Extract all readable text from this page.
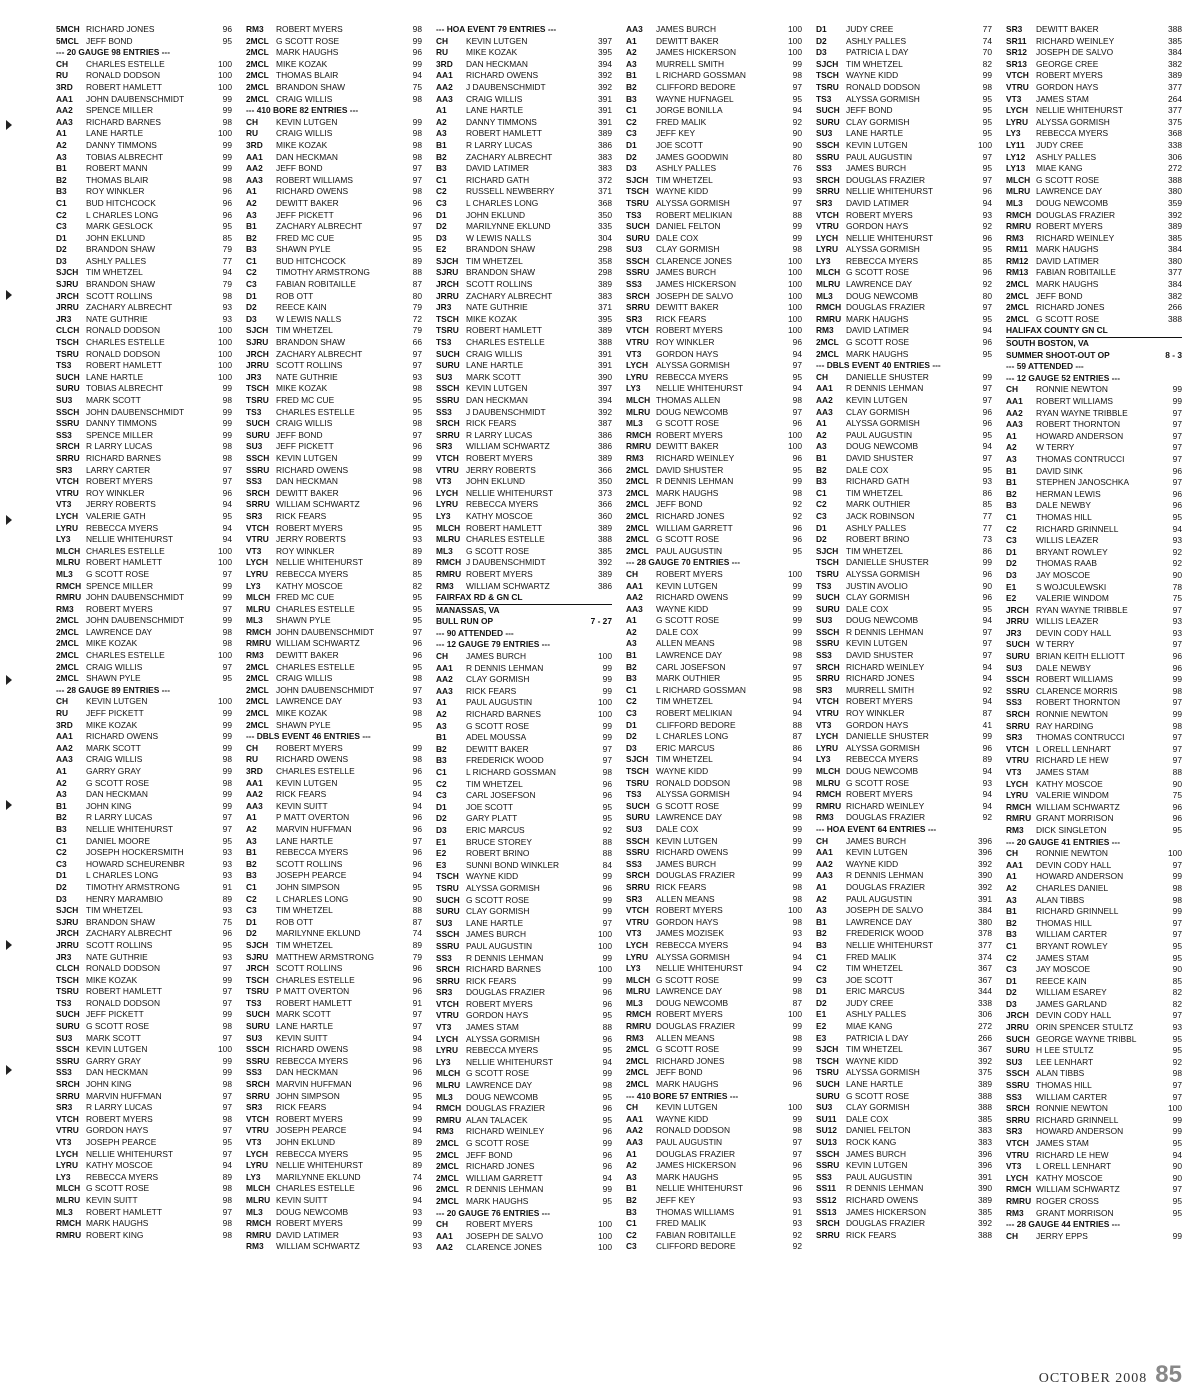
5MCH RICHARD JONES	96
5MCL JEFF BOND	95
--- 20 GAUGE 98 ENTRIES ---
CH	CHARLES ESTELLE	100
RU	RONALD DODSON	100
3RD	ROBERT HAMLETT	100
AA1	JOHN DAUBENSCHMIDT	99
AA2	SPENCE MILLER	99
AA3	RICHARD BARNES	98
A1	LANE HARTLE	100
A2	DANNY TIMMONS	99
A3	TOBIAS ALBRECHT	99
B1	ROBERT MANN	99
B2	THOMAS BLAIR	98
B3	ROY WINKLER	96
C1	BUD HITCHCOCK	96
C2	L CHARLES LONG	96
C3	MARK GESLOCK	95
D1	JOHN EKLUND	85
D2	BRANDON SHAW	79
D3	ASHLY PALLES	77
SJCH TIM WHETZEL	94
SJRU BRANDON SHAW	79
JRCH SCOTT ROLLINS	98
JRRU ZACHARY ALBRECHT	93
JR3	NATE GUTHRIE	93
CLCH RONALD DODSON	100
TSCH CHARLES ESTELLE	100
TSRU RONALD DODSON	100
TS3	ROBERT HAMLETT	100
SUCH LANE HARTLE	100
SURU TOBIAS ALBRECHT	99
SU3	MARK SCOTT	98
SSCH JOHN DAUBENSCHMIDT	99
SSRU DANNY TIMMONS	99
SS3	SPENCE MILLER	99
SRCH R LARRY LUCAS	98
SRRU RICHARD BARNES	98
SR3	LARRY CARTER	97
VTCH ROBERT MYERS	97
VTRU ROY WINKLER	96
VT3	JERRY ROBERTS	94
LYCH VALERIE GATH	95
LYRU REBECCA MYERS	94
LY3	NELLIE WHITEHURST	94
MLCH CHARLES ESTELLE	100
MLRU ROBERT HAMLETT	100
ML3	G SCOTT ROSE	97
RMCH SPENCE MILLER	99
RMRU JOHN DAUBENSCHMIDT	99
RM3	ROBERT MYERS	97
2MCL JOHN DAUBENSCHMIDT	99
2MCL LAWRENCE DAY	98
2MCL MIKE KOZAK	98
2MCL CHARLES ESTELLE	100
2MCL CRAIG WILLIS	97
2MCL SHAWN PYLE	95
--- 28 GAUGE 89 ENTRIES ---
CH	KEVIN LUTGEN	100
RU	JEFF PICKETT	99
3RD	MIKE KOZAK	99
AA1	RICHARD OWENS	99
AA2	MARK SCOTT	99
AA3	CRAIG WILLIS	98
A1	GARRY GRAY	99
A2	G SCOTT ROSE	98
A3	DAN HECKMAN	99
B1	JOHN KING	99
B2	R LARRY LUCAS	97
B3	NELLIE WHITEHURST	97
C1	DANIEL MOORE	95
C2	JOSEPH HOCKERSMITH	93
C3	HOWARD SCHEURENBR	93
D1	L CHARLES LONG	93
D2	TIMOTHY ARMSTRONG	91
D3	HENRY MARAMBIO	89
SJCH TIM WHETZEL	93
SJRU BRANDON SHAW	75
JRCH ZACHARY ALBRECHT	96
JRRU SCOTT ROLLINS	95
JR3	NATE GUTHRIE	93
CLCH RONALD DODSON	97
TSCH MIKE KOZAK	99
TSRU ROBERT HAMLETT	97
TS3	RONALD DODSON	97
SUCH JEFF PICKETT	99
SURU G SCOTT ROSE	98
SU3	MARK SCOTT	97
SSCH KEVIN LUTGEN	100
SSRU GARRY GRAY	99
SS3	DAN HECKMAN	99
SRCH JOHN KING	98
SRRU MARVIN HUFFMAN	97
SR3	R LARRY LUCAS	97
VTCH ROBERT MYERS	98
VTRU GORDON HAYS	97
VT3	JOSEPH PEARCE	95
LYCH NELLIE WHITEHURST	97
LYRU KATHY MOSCOE	94
LY3	REBECCA MYERS	89
MLCH G SCOTT ROSE	98
MLRU KEVIN SUITT	98
ML3	ROBERT HAMLETT	97
RMCH MARK HAUGHS	98
RMRU ROBERT KING	98
RM3	ROBERT MYERS	98
2MCL G SCOTT ROSE	99
2MCL MARK HAUGHS	96
2MCL MIKE KOZAK	99
2MCL THOMAS BLAIR	94
2MCL BRANDON SHAW	75
2MCL CRAIG WILLIS	98
--- 410 BORE 82 ENTRIES ---
CH	KEVIN LUTGEN	99
RU	CRAIG WILLIS	98
3RD	MIKE KOZAK	98
AA1	DAN HECKMAN	98
AA2	JEFF BOND	97
AA3	ROBERT WILLIAMS	97
A1	RICHARD OWENS	98
A2	DEWITT BAKER	96
A3	JEFF PICKETT	96
B1	ZACHARY ALBRECHT	97
B2	FRED MC CUE	95
B3	SHAWN PYLE	95
C1	BUD HITCHCOCK	89
C2	TIMOTHY ARMSTRONG	88
C3	FABIAN ROBITAILLE	87
D1	ROB OTT	80
D2	REECE KAIN	79
D3	W LEWIS NALLS	72
SJCH TIM WHETZEL	79
SJRU BRANDON SHAW	66
JRCH ZACHARY ALBRECHT	97
JRRU SCOTT ROLLINS	97
JR3	NATE GUTHRIE	93
TSCH MIKE KOZAK	98
TSRU FRED MC CUE	95
TS3	CHARLES ESTELLE	95
SUCH CRAIG WILLIS	98
SURU JEFF BOND	97
SU3	JEFF PICKETT	96
SSCH KEVIN LUTGEN	99
SSRU RICHARD OWENS	98
SS3	DAN HECKMAN	98
SRCH DEWITT BAKER	96
SRRU WILLIAM SCHWARTZ	96
SR3	RICK FEARS	95
VTCH ROBERT MYERS	95
VTRU JERRY ROBERTS	93
VT3	ROY WINKLER	89
LYCH NELLIE WHITEHURST	89
LYRU REBECCA MYERS	85
LY3	KATHY MOSCOE	82
MLCH FRED MC CUE	95
MLRU CHARLES ESTELLE	95
ML3	SHAWN PYLE	95
RMCH JOHN DAUBENSCHMIDT	97
RMRU WILLIAM SCHWARTZ	96
RM3	DEWITT BAKER	96
2MCL CHARLES ESTELLE	95
2MCL CRAIG WILLIS	98
2MCL JOHN DAUBENSCHMIDT	97
2MCL LAWRENCE DAY	93
2MCL MIKE KOZAK	98
2MCL SHAWN PYLE	95
--- DBLS EVENT 46 ENTRIES ---
CH	ROBERT MYERS	99
RU	RICHARD OWENS	98
3RD	CHARLES ESTELLE	96
AA1	KEVIN LUTGEN	95
AA2	RICK FEARS	94
AA3	KEVIN SUITT	94
A1	P MATT OVERTON	96
A2	MARVIN HUFFMAN	96
A3	LANE HARTLE	97
B1	REBECCA MYERS	96
B2	SCOTT ROLLINS	96
B3	JOSEPH PEARCE	94
C1	JOHN SIMPSON	95
C2	L CHARLES LONG	90
C3	TIM WHETZEL	88
D1	ROB OTT	87
D2	MARILYNNE EKLUND	74
SJCH TIM WHETZEL	89
SJRU MATTHEW ARMSTRONG	79
JRCH SCOTT ROLLINS	96
TSCH CHARLES ESTELLE	96
TSRU P MATT OVERTON	96
TS3	ROBERT HAMLETT	91
SUCH MARK SCOTT	97
SURU LANE HARTLE	97
SU3	KEVIN SUITT	94
SSCH RICHARD OWENS	98
SSRU REBECCA MYERS	96
SS3	DAN HECKMAN	96
SRCH MARVIN HUFFMAN	96
SRRU JOHN SIMPSON	95
SR3	RICK FEARS	94
VTCH ROBERT MYERS	99
VTRU JOSEPH PEARCE	94
VT3	JOHN EKLUND	89
LYCH REBECCA MYERS	95
LYRU NELLIE WHITEHURST	89
LY3	MARILYNNE EKLUND	74
MLCH CHARLES ESTELLE	96
MLRU KEVIN SUITT	94
ML3	DOUG NEWCOMB	93
RMCH ROBERT MYERS	99
RMRU DAVID LATIMER	93
RM3	WILLIAM SCHWARTZ	93
--- HOA EVENT 79 ENTRIES ---
CH	KEVIN LUTGEN	397
RU	MIKE KOZAK	395
3RD	DAN HECKMAN	394
AA1	RICHARD OWENS	392
AA2	J DAUBENSCHMIDT	392
AA3	CRAIG WILLIS	391
A1	LANE HARTLE	391
A2	DANNY TIMMONS	391
A3	ROBERT HAMLETT	389
B1	R LARRY LUCAS	386
B2	ZACHARY ALBRECHT	383
B3	DAVID LATIMER	383
C1	RICHARD GATH	372
C2	RUSSELL NEWBERRY	371
C3	L CHARLES LONG	368
D1	JOHN EKLUND	350
D2	MARILYNNE EKLUND	335
D3	W LEWIS NALLS	304
E2	BRANDON SHAW	298
SJCH TIM WHETZEL	358
SJRU BRANDON SHAW	298
JRCH SCOTT ROLLINS	389
JRRU ZACHARY ALBRECHT	383
JR3	NATE GUTHRIE	371
TSCH MIKE KOZAK	395
TSRU ROBERT HAMLETT	389
TS3	CHARLES ESTELLE	388
SUCH CRAIG WILLIS	391
SURU LANE HARTLE	391
SU3	MARK SCOTT	390
SSCH KEVIN LUTGEN	397
SSRU DAN HECKMAN	394
SS3	J DAUBENSCHMIDT	392
SRCH RICK FEARS	387
SRRU R LARRY LUCAS	386
SR3	WILLIAM SCHWARTZ	386
VTCH ROBERT MYERS	389
VTRU JERRY ROBERTS	366
VT3	JOHN EKLUND	350
LYCH NELLIE WHITEHURST	373
LYRU REBECCA MYERS	366
LY3	KATHY MOSCOE	360
MLCH ROBERT HAMLETT	389
MLRU CHARLES ESTELLE	388
ML3	G SCOTT ROSE	385
RMCH J DAUBENSCHMIDT	392
RMRU ROBERT MYERS	389
RM3	WILLIAM SCHWARTZ	386
FAIRFAX RD & GN CL
MANASSAS, VA
BULL RUN OP	7 - 27
--- 90 ATTENDED ---
--- 12 GAUGE 79 ENTRIES ---
CH	JAMES BURCH	100
AA1	R DENNIS LEHMAN	99
AA2	CLAY GORMISH	99
AA3	RICK FEARS	99
A1	PAUL AUGUSTIN	100
A2	RICHARD BARNES	100
A3	G SCOTT ROSE	99
B1	ADEL MOUSSA	99
B2	DEWITT BAKER	97
B3	FREDERICK WOOD	97
C1	L RICHARD GOSSMAN	98
C2	TIM WHETZEL	96
C3	CARL JOSEFSON	96
D1	JOE SCOTT	95
D2	GARY PLATT	95
D3	ERIC MARCUS	92
E1	BRUCE STOREY	88
E2	ROBERT BRINO	88
E3	SUNNI BOND WINKLER	84
TSCH WAYNE KIDD	99
TSRU ALYSSA GORMISH	96
SUCH G SCOTT ROSE	99
SURU CLAY GORMISH	99
SU3	LANE HARTLE	97
SSCH JAMES BURCH	100
SSRU PAUL AUGUSTIN	100
SS3	R DENNIS LEHMAN	99
SRCH RICHARD BARNES	100
SRRU RICK FEARS	99
SR3	DOUGLAS FRAZIER	96
VTCH ROBERT MYERS	96
VTRU GORDON HAYS	95
VT3	JAMES STAM	88
LYCH ALYSSA GORMISH	96
LYRU REBECCA MYERS	95
LY3	NELLIE WHITEHURST	94
MLCH G SCOTT ROSE	99
MLRU LAWRENCE DAY	98
ML3	DOUG NEWCOMB	95
RMCH DOUGLAS FRAZIER	96
RMRU ALAN TALACEK	95
RM3	RICHARD WEINLEY	96
2MCL G SCOTT ROSE	99
2MCL JEFF BOND	96
2MCL RICHARD JONES	96
2MCL WILLIAM GARRETT	94
2MCL R DENNIS LEHMAN	99
2MCL MARK HAUGHS	95
--- 20 GAUGE 76 ENTRIES ---
CH	ROBERT MYERS	100
AA1	JOSEPH DE SALVO	100
AA2	CLARENCE JONES	100
AA3	JAMES BURCH	100
A1	DEWITT BAKER	100
A2	JAMES HICKERSON	100
A3	MURRELL SMITH	99
B1	L RICHARD GOSSMAN	98
B2	CLIFFORD BEDORE	97
B3	WAYNE HUFNAGEL	95
C1	JORGE BONILLA	94
C2	FRED MALIK	92
C3	JEFF KEY	90
D1	JOE SCOTT	90
D2	JAMES GOODWIN	80
D3	ASHLY PALLES	76
SJCH TIM WHETZEL	93
TSCH WAYNE KIDD	99
TSRU ALYSSA GORMISH	97
TS3	ROBERT MELIKIAN	88
SUCH DANIEL FELTON	99
SURU DALE COX	99
SU3	CLAY GORMISH	98
SSCH CLARENCE JONES	100
SSRU JAMES BURCH	100
SS3	JAMES HICKERSON	100
SRCH JOSEPH DE SALVO	100
SRRU DEWITT BAKER	100
SR3	RICK FEARS	100
VTCH ROBERT MYERS	100
VTRU ROY WINKLER	96
VT3	GORDON HAYS	94
LYCH ALYSSA GORMISH	97
LYRU REBECCA MYERS	95
LY3	NELLIE WHITEHURST	94
MLCH THOMAS ALLEN	98
MLRU DOUG NEWCOMB	97
ML3	G SCOTT ROSE	96
RMCH ROBERT MYERS	100
RMRU DEWITT BAKER	100
RM3	RICHARD WEINLEY	96
2MCL DAVID SHUSTER	95
2MCL R DENNIS LEHMAN	99
2MCL MARK HAUGHS	98
2MCL JEFF BOND	92
2MCL RICHARD JONES	92
2MCL WILLIAM GARRETT	96
2MCL G SCOTT ROSE	96
2MCL PAUL AUGUSTIN	95
--- 28 GAUGE 70 ENTRIES ---
CH	ROBERT MYERS	100
AA1	KEVIN LUTGEN	99
AA2	RICHARD OWENS	99
AA3	WAYNE KIDD	99
A1	G SCOTT ROSE	99
A2	DALE COX	99
A3	ALLEN MEANS	98
B1	LAWRENCE DAY	98
B2	CARL JOSEFSON	97
B3	MARK OUTHIER	95
C1	L RICHARD GOSSMAN	98
C2	TIM WHETZEL	94
C3	ROBERT MELIKIAN	94
D1	CLIFFORD BEDORE	88
D2	L CHARLES LONG	87
D3	ERIC MARCUS	86
SJCH TIM WHETZEL	94
TSCH WAYNE KIDD	99
TSRU RONALD DODSON	98
TS3	ALYSSA GORMISH	94
SUCH G SCOTT ROSE	99
SURU LAWRENCE DAY	98
SU3	DALE COX	99
SSCH KEVIN LUTGEN	99
SSRU RICHARD OWENS	99
SS3	JAMES BURCH	99
SRCH DOUGLAS FRAZIER	99
SRRU RICK FEARS	98
SR3	ALLEN MEANS	98
VTCH ROBERT MYERS	100
VTRU GORDON HAYS	98
VT3	JAMES MOZISEK	93
LYCH REBECCA MYERS	94
LYRU ALYSSA GORMISH	94
LY3	NELLIE WHITEHURST	94
MLCH G SCOTT ROSE	99
MLRU LAWRENCE DAY	98
ML3	DOUG NEWCOMB	87
RMCH ROBERT MYERS	100
RMRU DOUGLAS FRAZIER	99
RM3	ALLEN MEANS	98
2MCL G SCOTT ROSE	99
2MCL RICHARD JONES	98
2MCL JEFF BOND	96
2MCL MARK HAUGHS	96
--- 410 BORE 57 ENTRIES ---
CH	KEVIN LUTGEN	100
AA1	WAYNE KIDD	99
AA2	RONALD DODSON	98
AA3	PAUL AUGUSTIN	97
A1	DOUGLAS FRAZIER	97
A2	JAMES HICKERSON	96
A3	MARK HAUGHS	95
B1	NELLIE WHITEHURST	96
B2	JEFF KEY	93
B3	THOMAS WILLIAMS	91
C1	FRED MALIK	93
C2	FABIAN ROBITAILLE	92
C3	CLIFFORD BEDORE	92
D1	JUDY CREE	77
D2	ASHLY PALLES	74
D3	PATRICIA L DAY	70
SJCH TIM WHETZEL	82
TSCH WAYNE KIDD	99
TSRU RONALD DODSON	98
TS3	ALYSSA GORMISH	95
SUCH JEFF BOND	95
SURU CLAY GORMISH	95
SU3	LANE HARTLE	95
SSCH KEVIN LUTGEN	100
SSRU PAUL AUGUSTIN	97
SS3	JAMES BURCH	95
SRCH DOUGLAS FRAZIER	97
SRRU NELLIE WHITEHURST	96
SR3	DAVID LATIMER	94
VTCH ROBERT MYERS	93
VTRU GORDON HAYS	92
LYCH NELLIE WHITEHURST	96
LYRU ALYSSA GORMISH	95
LY3	REBECCA MYERS	85
MLCH G SCOTT ROSE	96
MLRU LAWRENCE DAY	92
ML3	DOUG NEWCOMB	80
RMCH DOUGLAS FRAZIER	97
RMRU MARK HAUGHS	95
RM3	DAVID LATIMER	94
2MCL G SCOTT ROSE	96
2MCL MARK HAUGHS	95
--- DBLS EVENT 40 ENTRIES ---
CH	DANIELLE SHUSTER	99
AA1	R DENNIS LEHMAN	97
AA2	KEVIN LUTGEN	97
AA3	CLAY GORMISH	96
A1	ALYSSA GORMISH	96
A2	PAUL AUGUSTIN	95
A3	DOUG NEWCOMB	94
B1	DAVID SHUSTER	97
B2	DALE COX	95
B3	RICHARD GATH	93
C1	TIM WHETZEL	86
C2	MARK OUTHIER	85
C3	JACK ROBINSON	77
D1	ASHLY PALLES	77
D2	ROBERT BRINO	73
SJCH TIM WHETZEL	86
TSCH DANIELLE SHUSTER	99
TSRU ALYSSA GORMISH	96
TS3	JUSTIN AVOLIO	90
SUCH CLAY GORMISH	96
SURU DALE COX	95
SU3	DOUG NEWCOMB	94
SSCH R DENNIS LEHMAN	97
SSRU KEVIN LUTGEN	97
SS3	DAVID SHUSTER	97
SRCH RICHARD WEINLEY	94
SRRU RICHARD JONES	94
SR3	MURRELL SMITH	92
VTCH ROBERT MYERS	94
VTRU ROY WINKLER	87
VT3	GORDON HAYS	41
LYCH DANIELLE SHUSTER	99
LYRU ALYSSA GORMISH	96
LY3	REBECCA MYERS	89
MLCH DOUG NEWCOMB	94
MLRU G SCOTT ROSE	93
RMCH ROBERT MYERS	94
RMRU RICHARD WEINLEY	94
RM3	DOUGLAS FRAZIER	92
--- HOA EVENT 64 ENTRIES ---
CH	JAMES BURCH	396
AA1	KEVIN LUTGEN	396
AA2	WAYNE KIDD	392
AA3	R DENNIS LEHMAN	390
A1	DOUGLAS FRAZIER	392
A2	PAUL AUGUSTIN	391
A3	JOSEPH DE SALVO	384
B1	LAWRENCE DAY	380
B2	FREDERICK WOOD	378
B3	NELLIE WHITEHURST	377
C1	FRED MALIK	374
C2	TIM WHETZEL	367
C3	JOE SCOTT	367
D1	ERIC MARCUS	344
D2	JUDY CREE	338
E1	ASHLY PALLES	306
E2	MIAE KANG	272
E3	PATRICIA L DAY	266
SJCH TIM WHETZEL	367
TSCH WAYNE KIDD	392
TSRU ALYSSA GORMISH	375
SUCH LANE HARTLE	389
SURU G SCOTT ROSE	388
SU3	CLAY GORMISH	388
SU11	DALE COX	385
SU12	DANIEL FELTON	383
SU13	ROCK KANG	383
SSCH JAMES BURCH	396
SSRU KEVIN LUTGEN	396
SS3	PAUL AUGUSTIN	391
SS11	R DENNIS LEHMAN	390
SS12	RICHARD OWENS	389
SS13	JAMES HICKERSON	385
SRCH DOUGLAS FRAZIER	392
SRRU RICK FEARS	388
SR3	DEWITT BAKER	388
SR11	RICHARD WEINLEY	385
SR12	JOSEPH DE SALVO	384
SR13	GEORGE CREE	382
VTCH ROBERT MYERS	389
VTRU GORDON HAYS	377
VT3	JAMES STAM	264
LYCH NELLIE WHITEHURST	377
LYRU ALYSSA GORMISH	375
LY3	REBECCA MYERS	368
LY11	JUDY CREE	338
LY12	ASHLY PALLES	306
LY13	MIAE KANG	272
MLCH G SCOTT ROSE	388
MLRU LAWRENCE DAY	380
ML3	DOUG NEWCOMB	359
RMCH DOUGLAS FRAZIER	392
RMRU ROBERT MYERS	389
RM3	RICHARD WEINLEY	385
RM11 MARK HAUGHS	384
RM12 DAVID LATIMER	380
RM13 FABIAN ROBITAILLE	377
2MCL MARK HAUGHS	384
2MCL JEFF BOND	382
2MCL RICHARD JONES	266
2MCL G SCOTT ROSE	388
HALIFAX COUNTY GN CL
SOUTH BOSTON, VA
SUMMER SHOOT-OUT OP	8 - 3
--- 59 ATTENDED ---
--- 12 GAUGE 52 ENTRIES ---
CH	RONNIE NEWTON	99
AA1	ROBERT WILLIAMS	99
AA2	RYAN WAYNE TRIBBLE	97
AA3	ROBERT THORNTON	97
A1	HOWARD ANDERSON	97
A2	W TERRY	97
A3	THOMAS CONTRUCCI	97
B1	DAVID SINK	96
B1	STEPHEN JANOSCHKA	97
B2	HERMAN LEWIS	96
B3	DALE NEWBY	96
C1	THOMAS HILL	95
C2	RICHARD GRINNELL	94
C3	WILLIS LEAZER	93
D1	BRYANT ROWLEY	92
D2	THOMAS RAAB	92
D3	JAY MOSCOE	90
E1	S WOJCULEWSKI	78
E2	VALERIE WINDOM	75
JRCH RYAN WAYNE TRIBBLE	97
JRRU WILLIS LEAZER	93
JR3	DEVIN CODY HALL	93
SUCH W TERRY	97
SURU BRIAN KEITH ELLIOTT	96
SU3	DALE NEWBY	96
SSCH ROBERT WILLIAMS	99
SSRU CLARENCE MORRIS	98
SS3	ROBERT THORNTON	97
SRCH RONNIE NEWTON	99
SRRU RAY HARDING	98
SR3	THOMAS CONTRUCCI	97
VTCH L ORELL LENHART	97
VTRU RICHARD LE HEW	97
VT3	JAMES STAM	88
LYCH KATHY MOSCOE	90
LYRU VALERIE WINDOM	75
RMCH WILLIAM SCHWARTZ	96
RMRU GRANT MORRISON	96
RM3	DICK SINGLETON	95
--- 20 GAUGE 41 ENTRIES ---
CH	RONNIE NEWTON	100
AA1	DEVIN CODY HALL	97
A1	HOWARD ANDERSON	99
A2	CHARLES DANIEL	98
A3	ALAN TIBBS	98
B1	RICHARD GRINNELL	99
B2	THOMAS HILL	97
B3	WILLIAM CARTER	97
C1	BRYANT ROWLEY	95
C2	JAMES STAM	95
C3	JAY MOSCOE	90
D1	REECE KAIN	85
D2	WILLIAM ESAREY	82
D3	JAMES GARLAND	82
JRCH DEVIN CODY HALL	97
JRRU ORIN SPENCER STULTZ	93
SUCH GEORGE WAYNE TRIBBL	95
SURU H LEE STULTZ	95
SU3	LEE LENHART	92
SSCH ALAN TIBBS	98
SSRU THOMAS HILL	97
SS3	WILLIAM CARTER	97
SRCH RONNIE NEWTON	100
SRRU RICHARD GRINNELL	99
SR3	HOWARD ANDERSON	99
VTCH JAMES STAM	95
VTRU RICHARD LE HEW	94
VT3	L ORELL LENHART	90
LYCH KATHY MOSCOE	90
RMCH WILLIAM SCHWARTZ	97
RMRU ROGER CROSS	95
RM3	GRANT MORRISON	95
--- 28 GAUGE 44 ENTRIES ---
CH	JERRY EPPS	99
OCTOBER 2008 85
